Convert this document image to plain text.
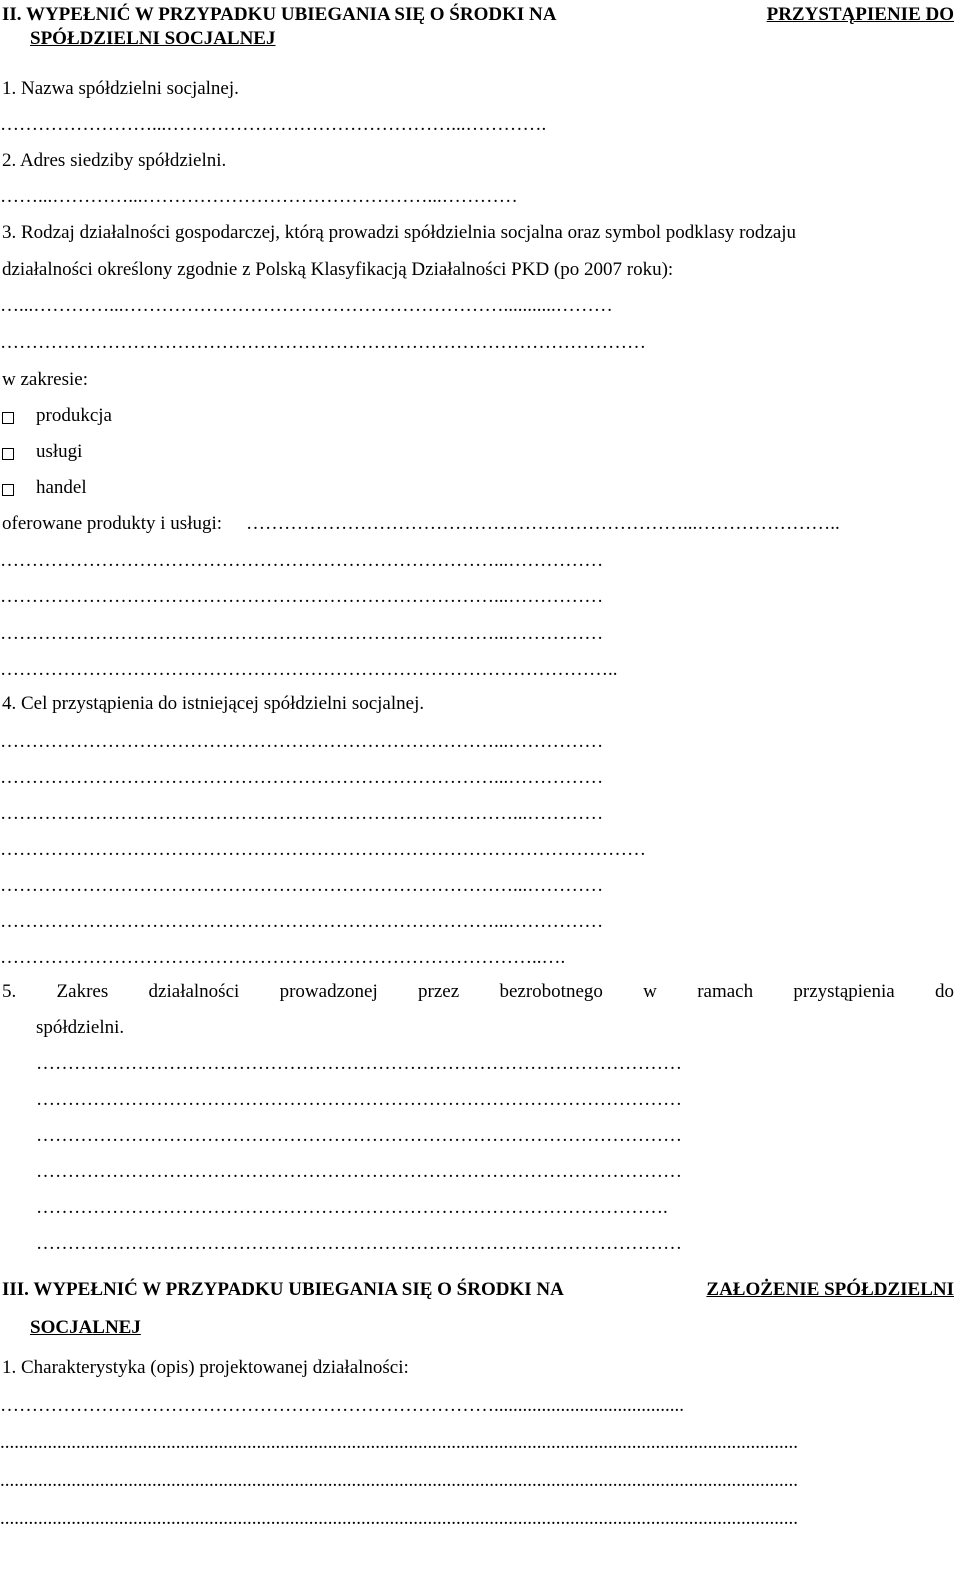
II. WYPEŁNIĆ W PRZYPADKU UBIEGANIA SIĘ O ŚRODKI NA	PRZYSTĄPIENIE DO
SPÓŁDZIELNI SOCJALNEJ
1. Nazwa spółdzielni socjalnej.
……………………...………………………………………...………….
2. Adres siedziby spółdzielni.
……...…………...………………………………………...…………
3. Rodzaj działalności gospodarczej, którą prowadzi spółdzielnia socjalna oraz symbol podklasy rodzaju
działalności określony zgodnie z Polską Klasyfikacją Działalności PKD (po 2007 roku):
…...…………...……………………………………………………...........………
…………………………………………………………………………………………
w zakresie:
produkcja
usługi
handel
oferowane produkty i usługi: ……………………………………………………………...…………………..
……………………………………………………………………...……………
……………………………………………………………………...……………
……………………………………………………………………...……………
……………………………………………………………………………………..
4. Cel przystąpienia do istniejącej spółdzielni socjalnej.
……………………………………………………………………...……………
……………………………………………………………………...……………
………………………………………………………………………...…………
…………………………………………………………………………………………
………………………………………………………………………...…………
……………………………………………………………………...……………
…………………………………………………………………………..….
5. Zakres działalności prowadzonej przez bezrobotnego w ramach przystąpienia do
spółdzielni.
…………………………………………………………………………………………
…………………………………………………………………………………………
…………………………………………………………………………………………
…………………………………………………………………………………………
……………………………………………………………………………………….
…………………………………………………………………………………………
III. WYPEŁNIĆ W PRZYPADKU UBIEGANIA SIĘ O ŚRODKI NA	ZAŁOŻENIE SPÓŁDZIELNI
SOCJALNEJ
1. Charakterystyka (opis) projektowanej działalności:
……………………………………………………………………........................................
........................................................................................................................................................................
........................................................................................................................................................................
........................................................................................................................................................................
